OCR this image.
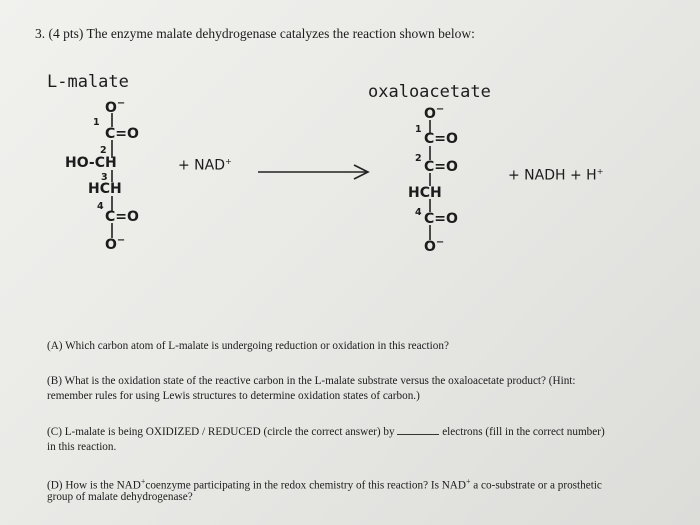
3. (4 pts) The enzyme malate dehydrogenase catalyzes the reaction shown below:
L-malate	oxaloacetate
O−
1
C=O
2
HO-CH
3
HCH
4
C=O
O−
+ NAD+
O−
1
C=O
2
C=O
HCH
4 C=O
O−
+ NADH + H+
(A) Which carbon atom of L-malate is undergoing reduction or oxidation in this reaction?
(B) What is the oxidation state of the reactive carbon in the L-malate substrate versus the oxaloacetate product? (Hint:
remember rules for using Lewis structures to determine oxidation states of carbon.)
(C) L-malate is being OXIDIZED / REDUCED (circle the correct answer) by	electrons (fill in the correct number)
in this reaction.
(D) How is the NAD+coenzyme participating in the redox chemistry of this reaction? Is NAD+ a co-substrate or a prosthetic
group of malate dehydrogenase?
